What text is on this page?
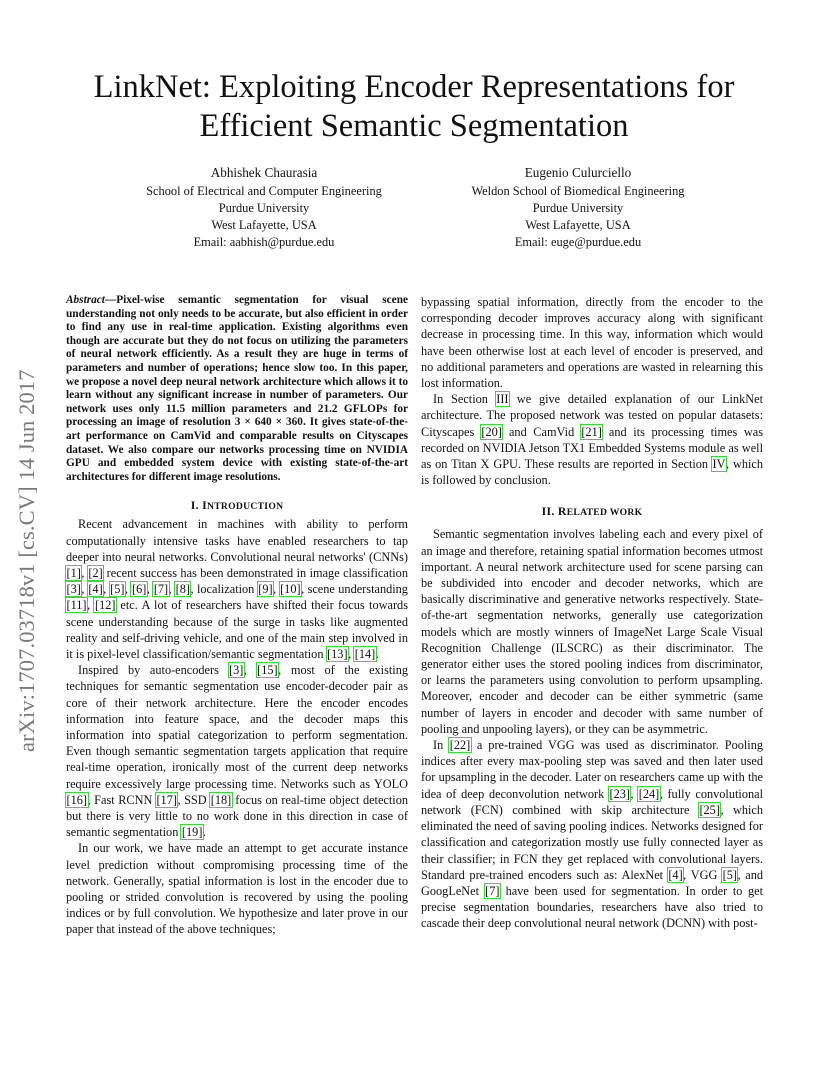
arXiv:1707.03718v1 [cs.CV] 14 Jun 2017
LinkNet: Exploiting Encoder Representations for
Efficient Semantic Segmentation
Abhishek Chaurasia
School of Electrical and Computer Engineering
Purdue University
West Lafayette, USA
Email: aabhish@purdue.edu
Eugenio Culurciello
Weldon School of Biomedical Engineering
Purdue University
West Lafayette, USA
Email: euge@purdue.edu

Abstract—Pixel-wise semantic segmentation for visual scene understanding not only needs to be accurate, but also efficient in order to find any use in real-time application. Existing algorithms even though are accurate but they do not focus on utilizing the parameters of neural network efficiently. As a result they are huge in terms of parameters and number of operations; hence slow too. In this paper, we propose a novel deep neural network architecture which allows it to learn without any significant increase in number of parameters. Our network uses only 11.5 million parameters and 21.2 GFLOPs for processing an image of resolution 3 × 640 × 360. It gives state-of-the-art performance on CamVid and comparable results on Cityscapes dataset. We also compare our networks processing time on NVIDIA GPU and embedded system device with existing state-of-the-art architectures for different image resolutions.

I. INTRODUCTION

Recent advancement in machines with ability to perform computationally intensive tasks have enabled researchers to tap deeper into neural networks. Convolutional neural networks' (CNNs) [1], [2] recent success has been demonstrated in image classification [3], [4], [5], [6], [7], [8], localization [9], [10], scene understanding [11], [12] etc. A lot of researchers have shifted their focus towards scene understanding because of the surge in tasks like augmented reality and self-driving vehicle, and one of the main step involved in it is pixel-level classification/semantic segmentation [13], [14].

Inspired by auto-encoders [3], [15], most of the existing techniques for semantic segmentation use encoder-decoder pair as core of their network architecture. Here the encoder encodes information into feature space, and the decoder maps this information into spatial categorization to perform segmentation. Even though semantic segmentation targets application that require real-time operation, ironically most of the current deep networks require excessively large processing time. Networks such as YOLO [16], Fast RCNN [17], SSD [18] focus on real-time object detection but there is very little to no work done in this direction in case of semantic segmentation [19].

In our work, we have made an attempt to get accurate instance level prediction without compromising processing time of the network. Generally, spatial information is lost in the encoder due to pooling or strided convolution is recovered by using the pooling indices or by full convolution. We hypothesize and later prove in our paper that instead of the above techniques;

bypassing spatial information, directly from the encoder to the corresponding decoder improves accuracy along with significant decrease in processing time. In this way, information which would have been otherwise lost at each level of encoder is preserved, and no additional parameters and operations are wasted in relearning this lost information.

In Section III we give detailed explanation of our LinkNet architecture. The proposed network was tested on popular datasets: Cityscapes [20] and CamVid [21] and its processing times was recorded on NVIDIA Jetson TX1 Embedded Systems module as well as on Titan X GPU. These results are reported in Section IV, which is followed by conclusion.

II. RELATED WORK

Semantic segmentation involves labeling each and every pixel of an image and therefore, retaining spatial information becomes utmost important. A neural network architecture used for scene parsing can be subdivided into encoder and decoder networks, which are basically discriminative and generative networks respectively. State-of-the-art segmentation networks, generally use categorization models which are mostly winners of ImageNet Large Scale Visual Recognition Challenge (ILSCRC) as their discriminator. The generator either uses the stored pooling indices from discriminator, or learns the parameters using convolution to perform upsampling. Moreover, encoder and decoder can be either symmetric (same number of layers in encoder and decoder with same number of pooling and unpooling layers), or they can be asymmetric.

In [22] a pre-trained VGG was used as discriminator. Pooling indices after every max-pooling step was saved and then later used for upsampling in the decoder. Later on researchers came up with the idea of deep deconvolution network [23], [24], fully convolutional network (FCN) combined with skip architecture [25], which eliminated the need of saving pooling indices. Networks designed for classification and categorization mostly use fully connected layer as their classifier; in FCN they get replaced with convolutional layers. Standard pre-trained encoders such as: AlexNet [4], VGG [5], and GoogLeNet [7] have been used for segmentation. In order to get precise segmentation boundaries, researchers have also tried to cascade their deep convolutional neural network (DCNN) with post-
